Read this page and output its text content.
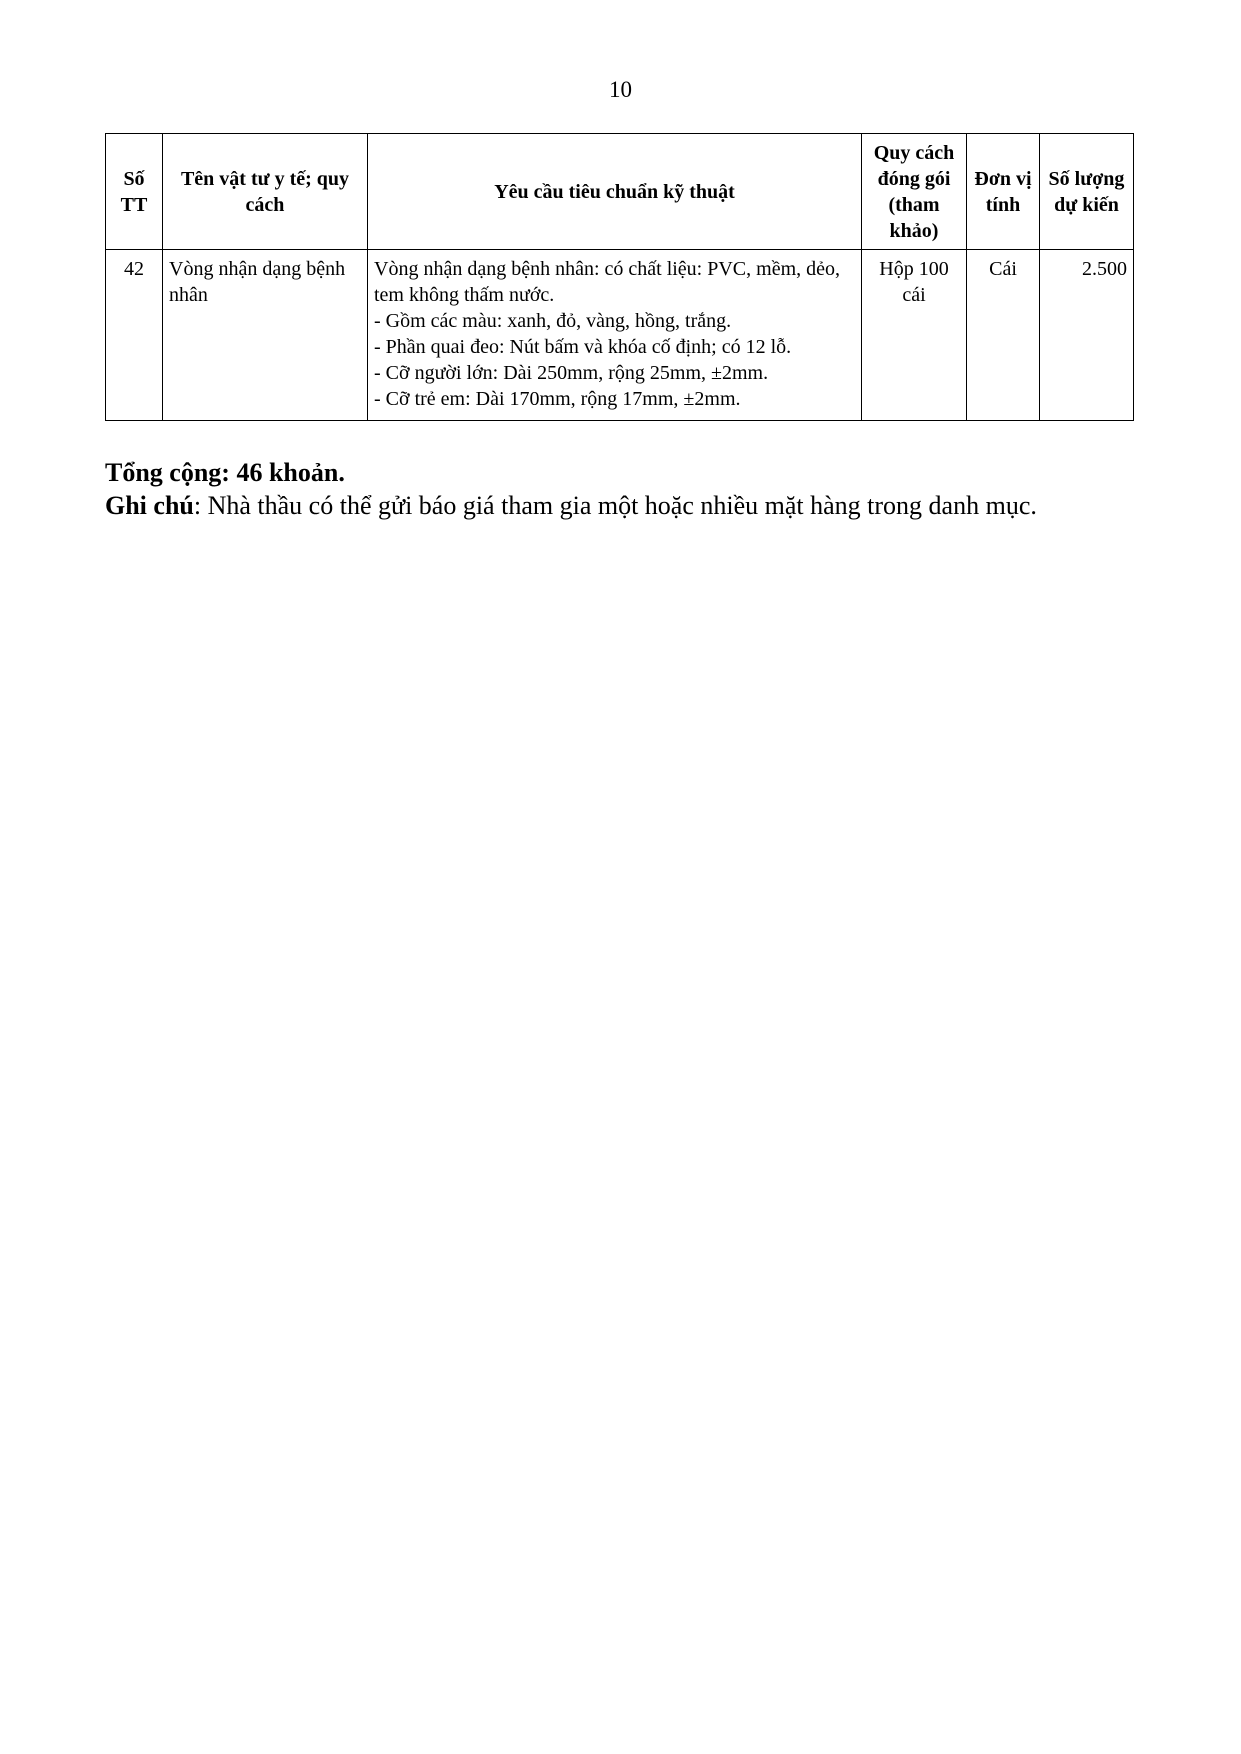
10
Số TT	Tên vật tư y tế; quy cách	Yêu cầu tiêu chuẩn kỹ thuật	Quy cách đóng gói (tham khảo)	Đơn vị tính	Số lượng dự kiến
42	Vòng nhận dạng bệnh nhân	Vòng nhận dạng bệnh nhân: có chất liệu: PVC, mềm, dẻo, tem không thấm nước.
- Gồm các màu: xanh, đỏ, vàng, hồng, trắng.
- Phần quai đeo: Nút bấm và khóa cố định; có 12 lỗ.
- Cỡ người lớn: Dài 250mm, rộng 25mm, ±2mm.
- Cỡ trẻ em: Dài 170mm, rộng 17mm, ±2mm.	Hộp 100 cái	Cái	2.500
Tổng cộng: 46 khoản.
Ghi chú: Nhà thầu có thể gửi báo giá tham gia một hoặc nhiều mặt hàng trong danh mục.
